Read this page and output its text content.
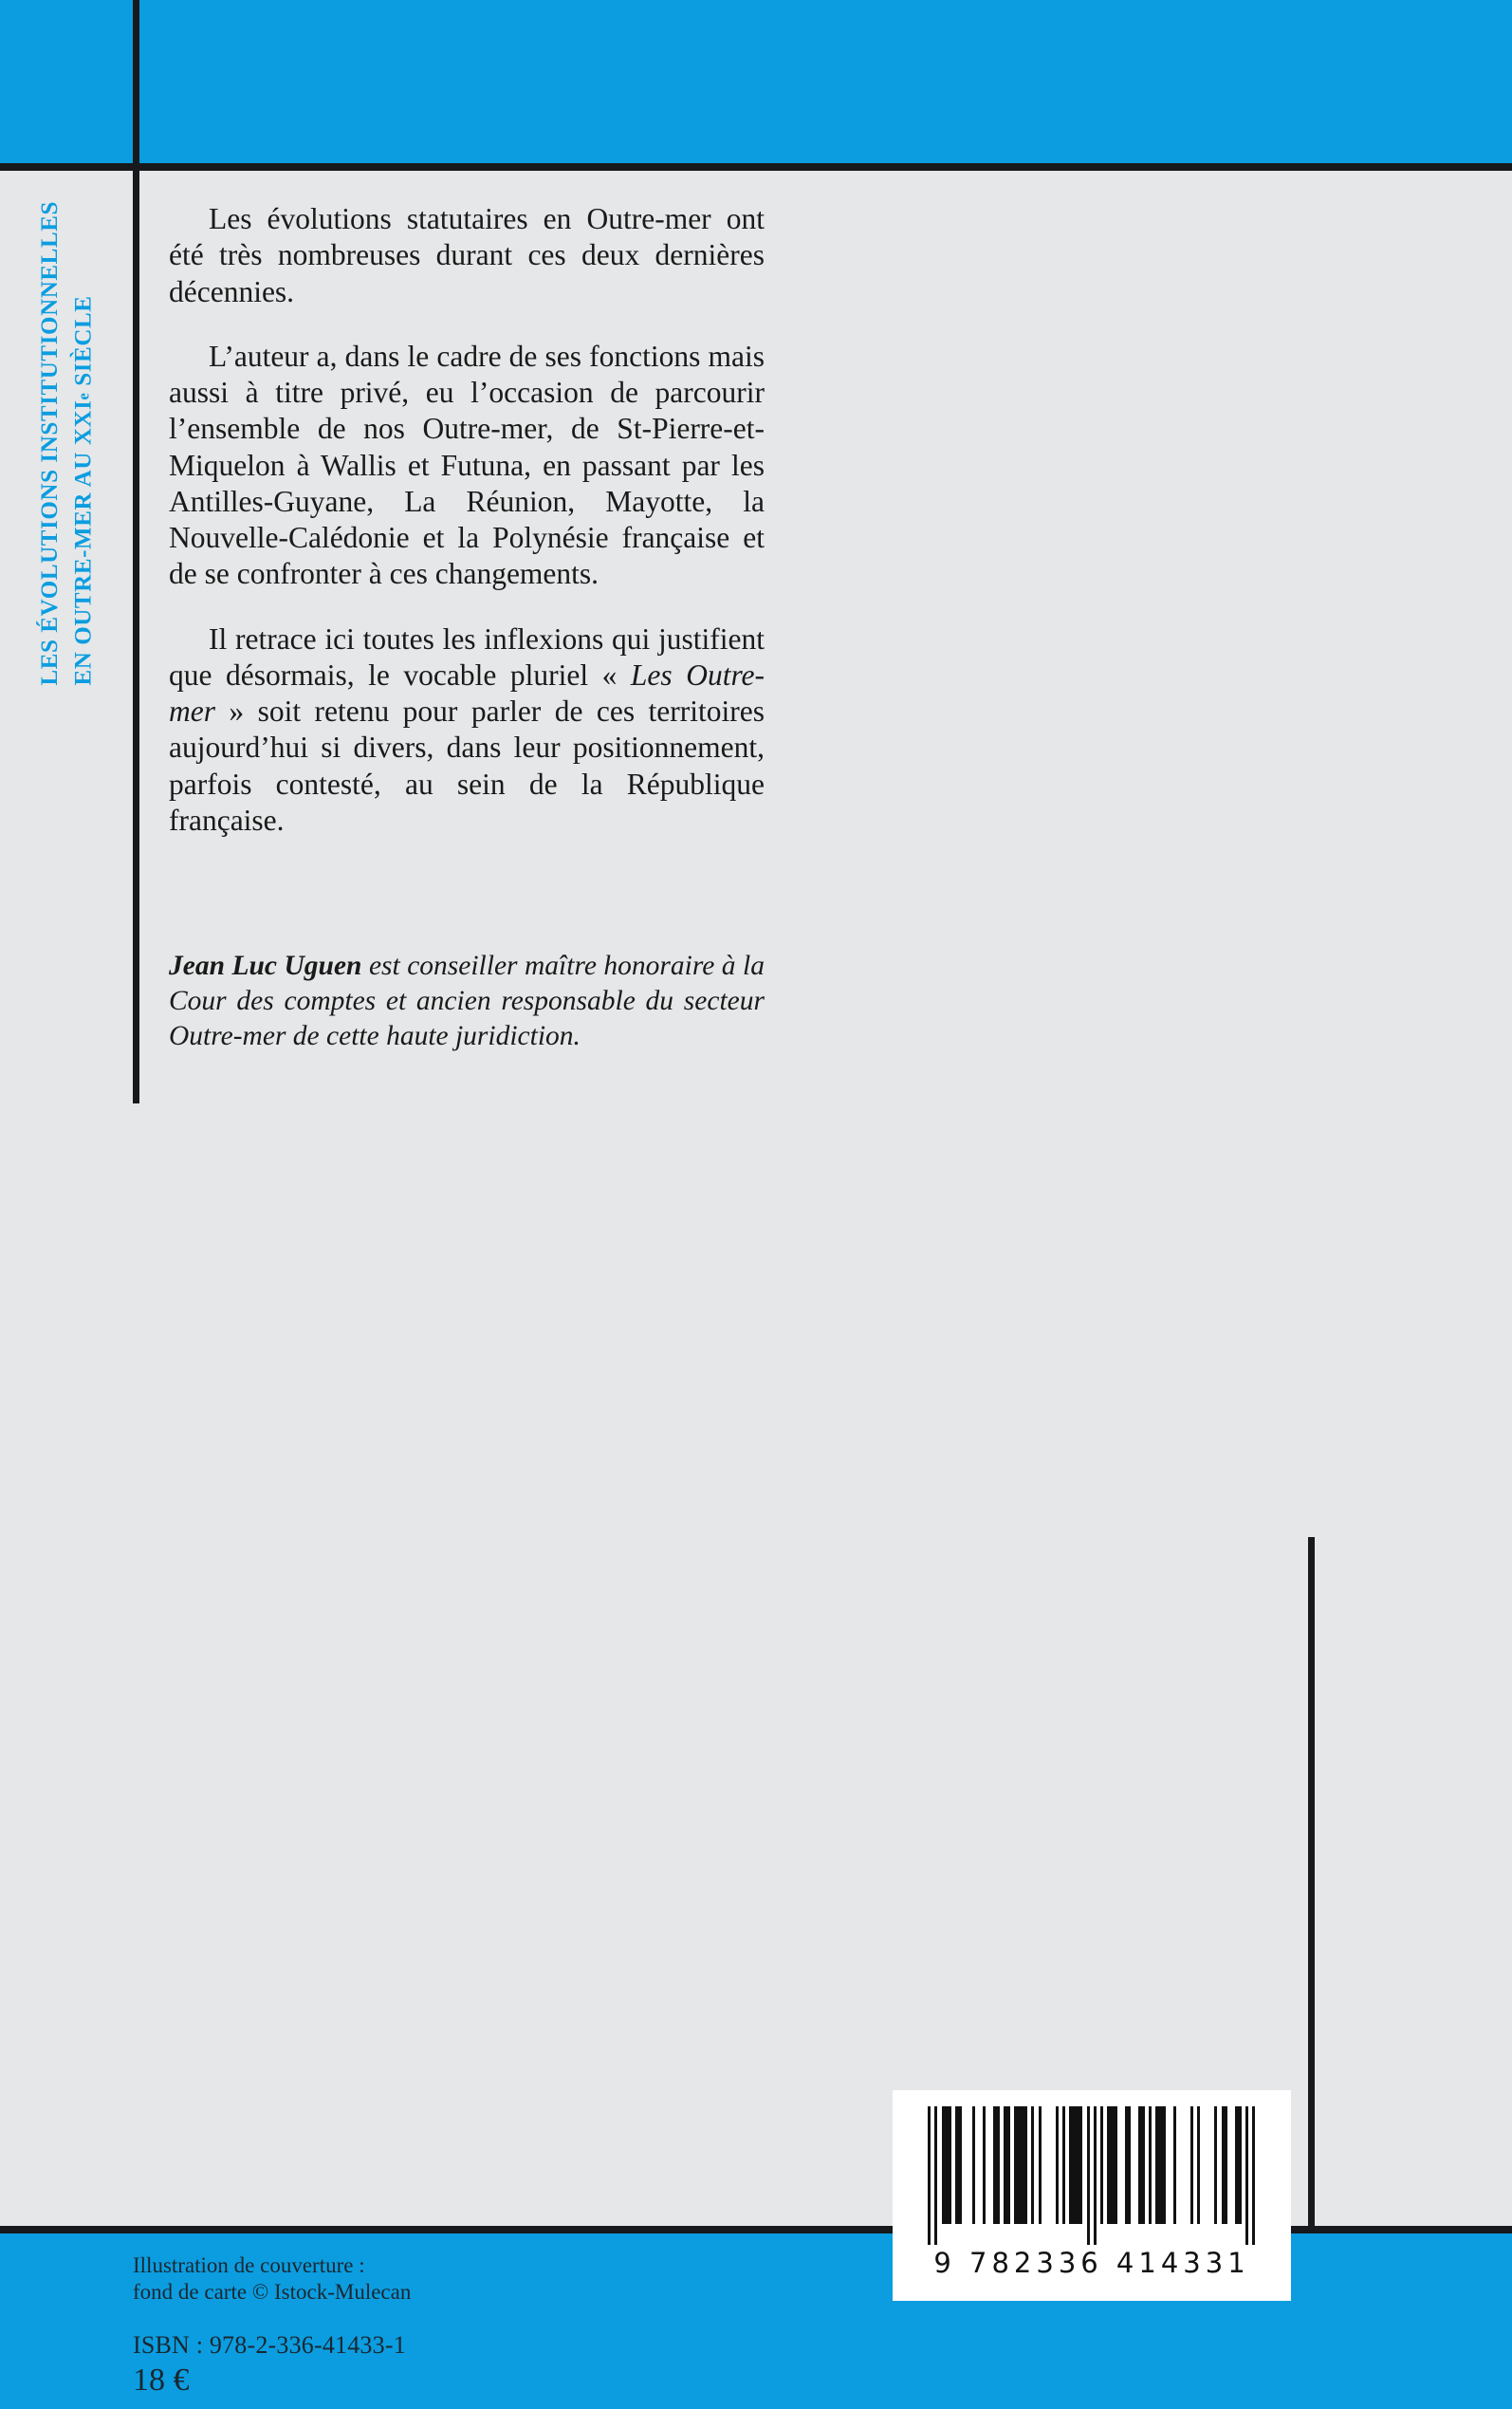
LES ÉVOLUTIONS INSTITUTIONNELLES EN OUTRE-MER AU XXIe SIÈCLE

Les évolutions statutaires en Outre-mer ont été très nombreuses durant ces deux dernières décennies.

L’auteur a, dans le cadre de ses fonctions mais aussi à titre privé, eu l’occasion de parcourir l’ensemble de nos Outre-mer, de St-Pierre-et-Miquelon à Wallis et Futuna, en passant par les Antilles-Guyane, La Réunion, Mayotte, la Nouvelle-Calédonie et la Polynésie française et de se confronter à ces changements.

Il retrace ici toutes les inflexions qui justifient que désormais, le vocable pluriel « Les Outre-mer » soit retenu pour parler de ces territoires aujourd’hui si divers, dans leur positionnement, parfois contesté, au sein de la République française.

Jean Luc Uguen est conseiller maître honoraire à la Cour des comptes et ancien responsable du secteur Outre-mer de cette haute juridiction.
Illustration de couverture :
fond de carte © Istock-Mulecan
ISBN : 978-2-336-41433-1
18 €
9 782336 414331
